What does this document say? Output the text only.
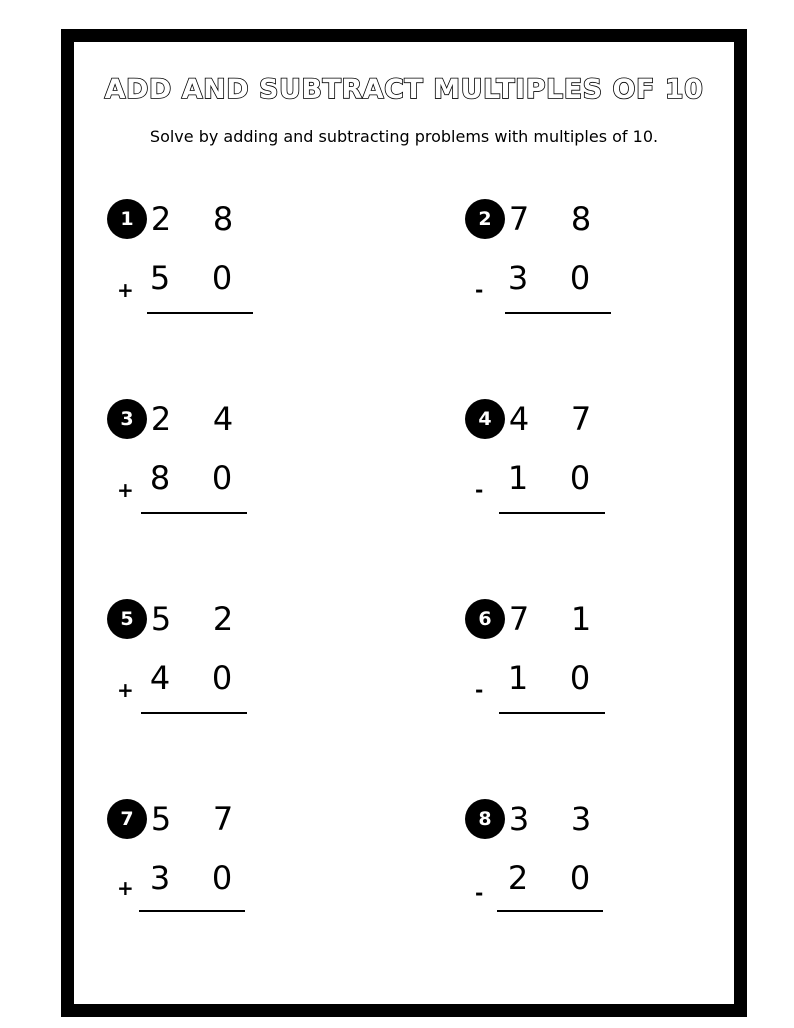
ADD AND SUBTRACT MULTIPLES OF 10
Solve by adding and subtracting problems with multiples of 10.
1 2 8
+ 5 0
2 7 8
- 3 0
3 2 4
+ 8 0
4 4 7
- 1 0
5 5 2
+ 4 0
6 7 1
- 1 0
7 5 7
+ 3 0
8 3 3
- 2 0
